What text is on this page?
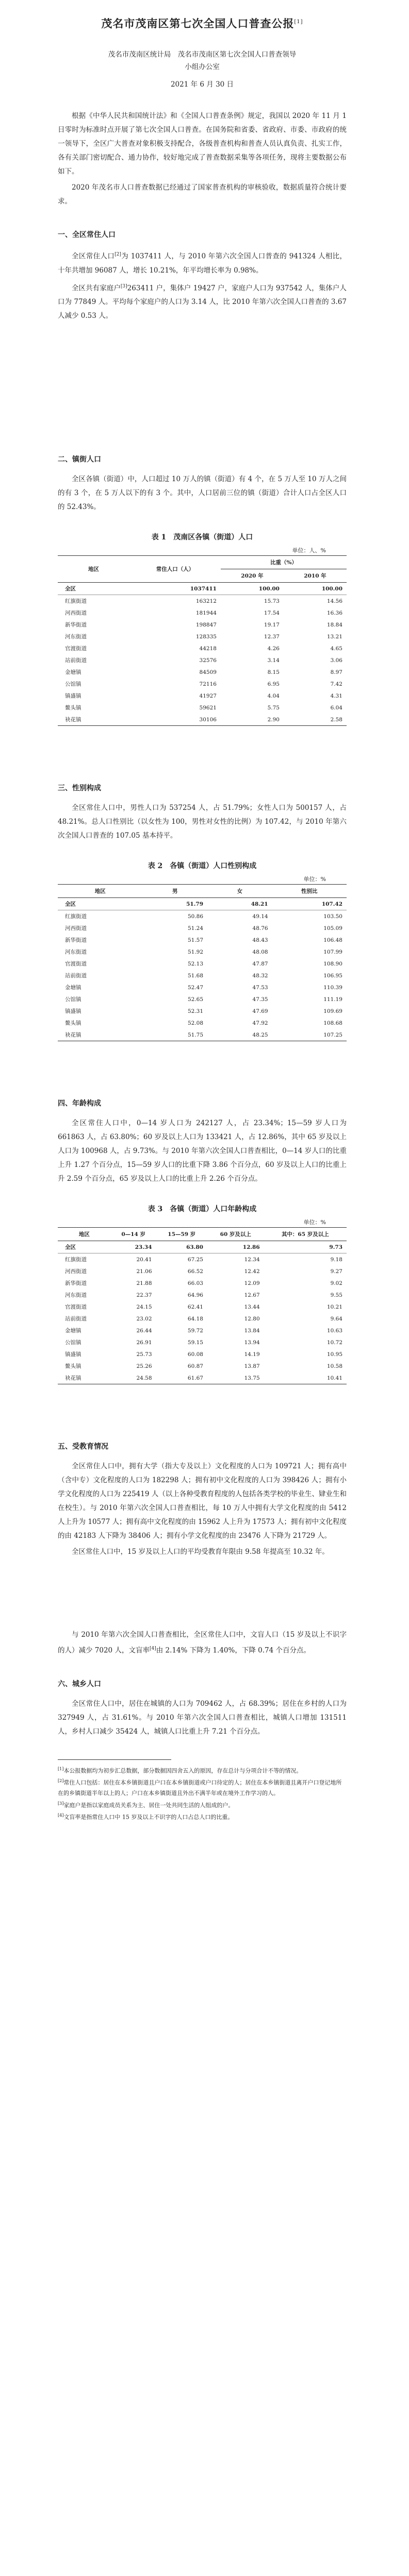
茂名市茂南区第七次全国人口普查公报[1]

茂名市茂南区统计局　茂名市茂南区第七次全国人口普查领导

小组办公室

2021 年 6 月 30 日

根据《中华人民共和国统计法》和《全国人口普查条例》规定，我国以 2020 年 11 月 1 日零时为标准时点开展了第七次全国人口普查。在国务院和省委、省政府、市委、市政府的统一领导下，全区广大普查对象积极支持配合，各级普查机构和普查人员认真负责、扎实工作，各有关部门密切配合、通力协作，较好地完成了普查数据采集等各项任务，现将主要数据公布如下。

2020 年茂名市人口普查数据已经通过了国家普查机构的审核验收，数据质量符合统计要求。

一、全区常住人口

全区常住人口[2]为 1037411 人，与 2010 年第六次全国人口普查的 941324 人相比，十年共增加 96087 人，增长 10.21%，年平均增长率为 0.98%。

全区共有家庭户[3]263411 户，集体户 19427 户，家庭户人口为 937542 人，集体户人口为 77849 人。平均每个家庭户的人口为 3.14 人，比 2010 年第六次全国人口普查的 3.67 人减少 0.53 人。

二、镇街人口

全区各镇（街道）中，人口超过 10 万人的镇（街道）有 4 个，在 5 万人至 10 万人之间的有 3 个，在 5 万人以下的有 3 个。其中，人口居前三位的镇（街道）合计人口占全区人口的 52.43%。

表 1　茂南区各镇（街道）人口
单位：人、%
地区	常住人口（人）	比重（%）	
		2020 年	2010 年
全区	1037411	100.00	100.00
红旗街道	163212	15.73	14.56
河西街道	181944	17.54	16.36
新华街道	198847	19.17	18.84
河东街道	128335	12.37	13.21
官渡街道	44218	4.26	4.65
站前街道	32576	3.14	3.06
金塘镇	84509	8.15	8.97
公馆镇	72116	6.95	7.42
镇盛镇	41927	4.04	4.31
鳌头镇	59621	5.75	6.04
袂花镇	30106	2.90	2.58
三、性别构成

全区常住人口中，男性人口为 537254 人，占 51.79%；女性人口为 500157 人，占 48.21%。总人口性别比（以女性为 100，男性对女性的比例）为 107.42，与 2010 年第六次全国人口普查的 107.05 基本持平。

表 2　各镇（街道）人口性别构成
单位：%
地区	男	女	性别比
全区	51.79	48.21	107.42
红旗街道	50.86	49.14	103.50
河西街道	51.24	48.76	105.09
新华街道	51.57	48.43	106.48
河东街道	51.92	48.08	107.99
官渡街道	52.13	47.87	108.90
站前街道	51.68	48.32	106.95
金塘镇	52.47	47.53	110.39
公馆镇	52.65	47.35	111.19
镇盛镇	52.31	47.69	109.69
鳌头镇	52.08	47.92	108.68
袂花镇	51.75	48.25	107.25
四、年龄构成

全区常住人口中，0—14 岁人口为 242127 人，占 23.34%；15—59 岁人口为 661863 人，占 63.80%；60 岁及以上人口为 133421 人，占 12.86%，其中 65 岁及以上人口为 100968 人，占 9.73%。与 2010 年第六次全国人口普查相比，0—14 岁人口的比重上升 1.27 个百分点，15—59 岁人口的比重下降 3.86 个百分点，60 岁及以上人口的比重上升 2.59 个百分点，65 岁及以上人口的比重上升 2.26 个百分点。

表 3　各镇（街道）人口年龄构成
单位：%
地区	0—14 岁	15—59 岁	60 岁及以上	其中：65 岁及以上
全区	23.34	63.80	12.86	9.73
红旗街道	20.41	67.25	12.34	9.18
河西街道	21.06	66.52	12.42	9.27
新华街道	21.88	66.03	12.09	9.02
河东街道	22.37	64.96	12.67	9.55
官渡街道	24.15	62.41	13.44	10.21
站前街道	23.02	64.18	12.80	9.64
金塘镇	26.44	59.72	13.84	10.63
公馆镇	26.91	59.15	13.94	10.72
镇盛镇	25.73	60.08	14.19	10.95
鳌头镇	25.26	60.87	13.87	10.58
袂花镇	24.58	61.67	13.75	10.41
五、受教育情况

全区常住人口中，拥有大学（指大专及以上）文化程度的人口为 109721 人；拥有高中（含中专）文化程度的人口为 182298 人；拥有初中文化程度的人口为 398426 人；拥有小学文化程度的人口为 225419 人（以上各种受教育程度的人包括各类学校的毕业生、肄业生和在校生）。与 2010 年第六次全国人口普查相比，每 10 万人中拥有大学文化程度的由 5412 人上升为 10577 人；拥有高中文化程度的由 15962 人上升为 17573 人；拥有初中文化程度的由 42183 人下降为 38406 人；拥有小学文化程度的由 23476 人下降为 21729 人。

全区常住人口中，15 岁及以上人口的平均受教育年限由 9.58 年提高至 10.32 年。

与 2010 年第六次全国人口普查相比，全区常住人口中，文盲人口（15 岁及以上不识字的人）减少 7020 人，文盲率[4]由 2.14% 下降为 1.40%，下降 0.74 个百分点。

六、城乡人口

全区常住人口中，居住在城镇的人口为 709462 人，占 68.39%；居住在乡村的人口为 327949 人，占 31.61%。与 2010 年第六次全国人口普查相比，城镇人口增加 131511 人，乡村人口减少 35424 人，城镇人口比重上升 7.21 个百分点。

[1]本公报数据均为初步汇总数据，部分数据因四舍五入的原因，存在总计与分项合计不等的情况。

[2]常住人口包括：居住在本乡镇街道且户口在本乡镇街道或户口待定的人；居住在本乡镇街道且离开户口登记地所在的乡镇街道半年以上的人；户口在本乡镇街道且外出不满半年或在境外工作学习的人。

[3]家庭户是指以家庭成员关系为主、居住一处共同生活的人组成的户。

[4]文盲率是指常住人口中 15 岁及以上不识字的人口占总人口的比重。
